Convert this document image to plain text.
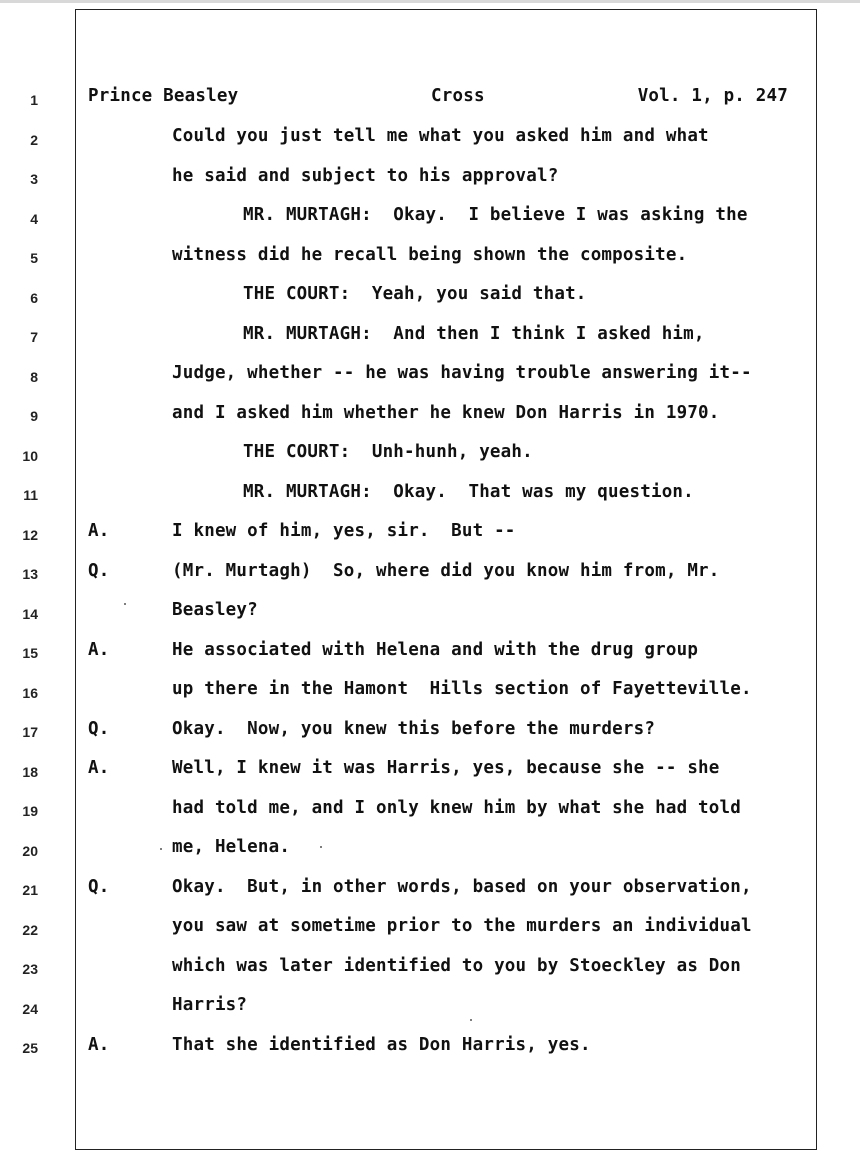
1
2
3
4
5
6
7
8
9
10
11
12
13
14
15
16
17
18
19
20
21
22
23
24
25

Prince Beasley

	Cross

	Vol. 1, p. 247

Could you just tell me what you asked him and what
he said and subject to his approval?
MR. MURTAGH:  Okay.  I believe I was asking the
witness did he recall being shown the composite.
THE COURT:  Yeah, you said that.
MR. MURTAGH:  And then I think I asked him,
Judge, whether -- he was having trouble answering it--
and I asked him whether he knew Don Harris in 1970.
THE COURT:  Unh-hunh, yeah.
MR. MURTAGH:  Okay.  That was my question.
A.	I knew of him, yes, sir.  But --
Q.	(Mr. Murtagh)  So, where did you know him from, Mr.
Beasley?
A.	He associated with Helena and with the drug group
up there in the Hamont  Hills section of Fayetteville.
Q.	Okay.  Now, you knew this before the murders?
A.	Well, I knew it was Harris, yes, because she -- she
had told me, and I only knew him by what she had told
me, Helena.
Q.	Okay.  But, in other words, based on your observation,
you saw at sometime prior to the murders an individual
which was later identified to you by Stoeckley as Don
Harris?
A.	That she identified as Don Harris, yes.
